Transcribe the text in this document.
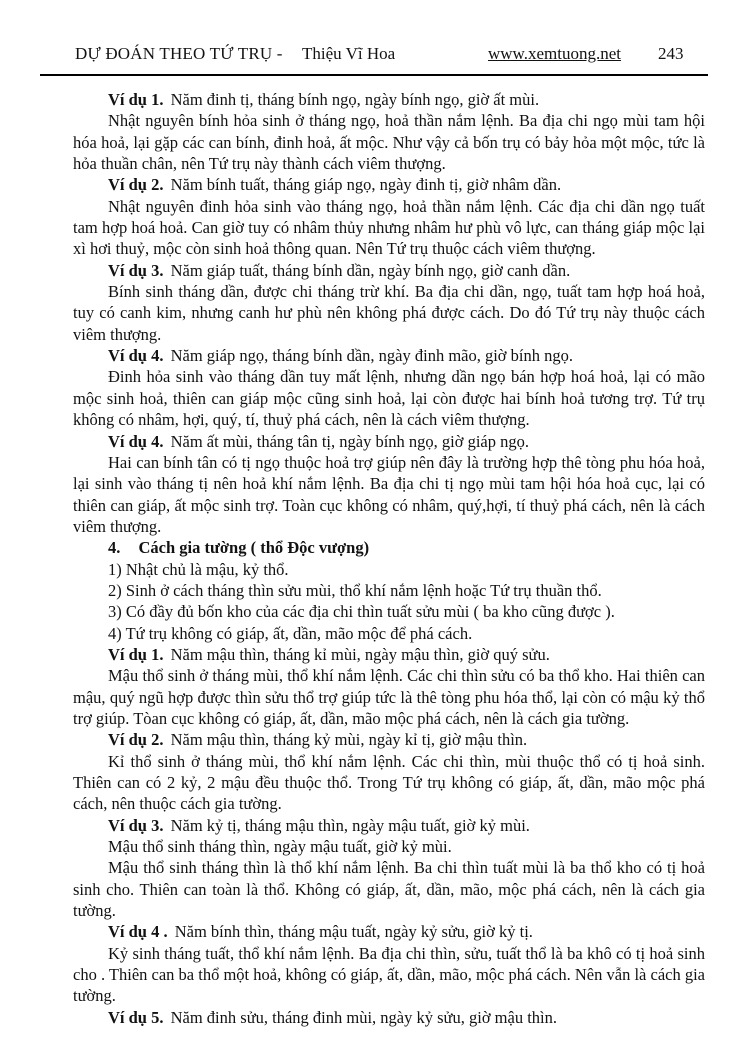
DỰ ĐOÁN THEO TỨ TRỤ - Thiệu Vĩ Hoa	www.xemtuong.net 243

Ví dụ 1. Năm đinh tị, tháng bính ngọ, ngày bính ngọ, giờ ất mùi.

Nhật nguyên bính hỏa sinh ở tháng ngọ, hoả thần nắm lệnh. Ba địa chi ngọ mùi tam hội hóa hoả, lại gặp các can bính, đinh hoả, ất mộc. Như vậy cả bốn trụ có bảy hỏa một mộc, tức là hỏa thuần chân, nên Tứ trụ này thành cách viêm thượng.

Ví dụ 2. Năm bính tuất, tháng giáp ngọ, ngày đinh tị, giờ nhâm dần.

Nhật nguyên đinh hỏa sinh vào tháng ngọ, hoả thần nắm lệnh. Các địa chi dần ngọ tuất tam hợp hoá hoả. Can giờ tuy có nhâm thủy nhưng nhâm hư phù vô lực, can tháng giáp mộc lại xì hơi thuỷ, mộc còn sinh hoả thông quan. Nên Tứ trụ thuộc cách viêm thượng.

Ví dụ 3. Năm giáp tuất, tháng bính dần, ngày bính ngọ, giờ canh dần.

Bính sinh tháng dần, được chi tháng trừ khí. Ba địa chi dần, ngọ, tuất tam hợp hoá hoả, tuy có canh kim, nhưng canh hư phù nên không phá được cách. Do đó Tứ trụ này thuộc cách viêm thượng.

Ví dụ 4. Năm giáp ngọ, tháng bính dần, ngày đinh mão, giờ bính ngọ.

Đinh hỏa sinh vào tháng dần tuy mất lệnh, nhưng dần ngọ bán hợp hoá hoả, lại có mão mộc sinh hoả, thiên can giáp mộc cũng sinh hoả, lại còn được hai bính hoả tương trợ. Tứ trụ không có nhâm, hợi, quý, tí, thuỷ phá cách, nên là cách viêm thượng.

Ví dụ 4. Năm ất mùi, tháng tân tị, ngày bính ngọ, giờ giáp ngọ.

Hai can bính tân có tị ngọ thuộc hoả trợ giúp nên đây là trường hợp thê tòng phu hóa hoả, lại sinh vào tháng tị nên hoả khí nắm lệnh. Ba địa chi tị ngọ mùi tam hội hóa hoả cục, lại có thiên can giáp, ất mộc sinh trợ. Toàn cục không có nhâm, quý,hợi, tí thuỷ phá cách, nên là cách viêm thượng.

4. Cách gia tường ( thổ Độc vượng)

1) Nhật chủ là mậu, kỷ thổ.

2) Sinh ở cách tháng thìn sửu mùi, thổ khí nắm lệnh hoặc Tứ trụ thuần thổ.

3) Có đầy đủ bốn kho của các địa chi thìn tuất sửu mùi ( ba kho cũng được ).

4) Tứ trụ không có giáp, ất, dần, mão mộc để phá cách.

Ví dụ 1. Năm mậu thìn, tháng kỉ mùi, ngày mậu thìn, giờ quý sửu.

Mậu thổ sinh ở tháng mùi, thổ khí nắm lệnh. Các chi thìn sửu có ba thổ kho. Hai thiên can mậu, quý ngũ hợp được thìn sửu thổ trợ giúp tức là thê tòng phu hóa thổ, lại còn có mậu kỷ thổ trợ giúp. Tòan cục không có giáp, ất, dần, mão mộc phá cách, nên là cách gia tường.

Ví dụ 2. Năm mậu thìn, tháng kỷ mùi, ngày kỉ tị, giờ mậu thìn.

Kỉ thổ sinh ở tháng mùi, thổ khí nắm lệnh. Các chi thìn, mùi thuộc thổ có tị hoả sinh. Thiên can có 2 kỷ, 2 mậu đều thuộc thổ. Trong Tứ trụ không có giáp, ất, dần, mão mộc phá cách, nên thuộc cách gia tường.

Ví dụ 3. Năm kỷ tị, tháng mậu thìn, ngày mậu tuất, giờ kỷ mùi.

Mậu thổ sinh tháng thìn, ngày mậu tuất, giờ kỷ mùi.

Mậu thổ sinh tháng thìn là thổ khí nắm lệnh. Ba chi thìn tuất mùi là ba thổ kho có tị hoả sinh cho. Thiên can toàn là thổ. Không có giáp, ất, dần, mão, mộc phá cách, nên là cách gia tường.

Ví dụ 4 . Năm bính thìn, tháng mậu tuất, ngày kỷ sửu, giờ kỷ tị.

Kỷ sinh tháng tuất, thổ khí nắm lệnh. Ba địa chi thìn, sửu, tuất thổ là ba khô có tị hoả sinh cho . Thiên can ba thổ một hoả, không có giáp, ất, dần, mão, mộc phá cách. Nên vẫn là cách gia tường.

Ví dụ 5. Năm đinh sửu, tháng đinh mùi, ngày kỷ sửu, giờ mậu thìn.
